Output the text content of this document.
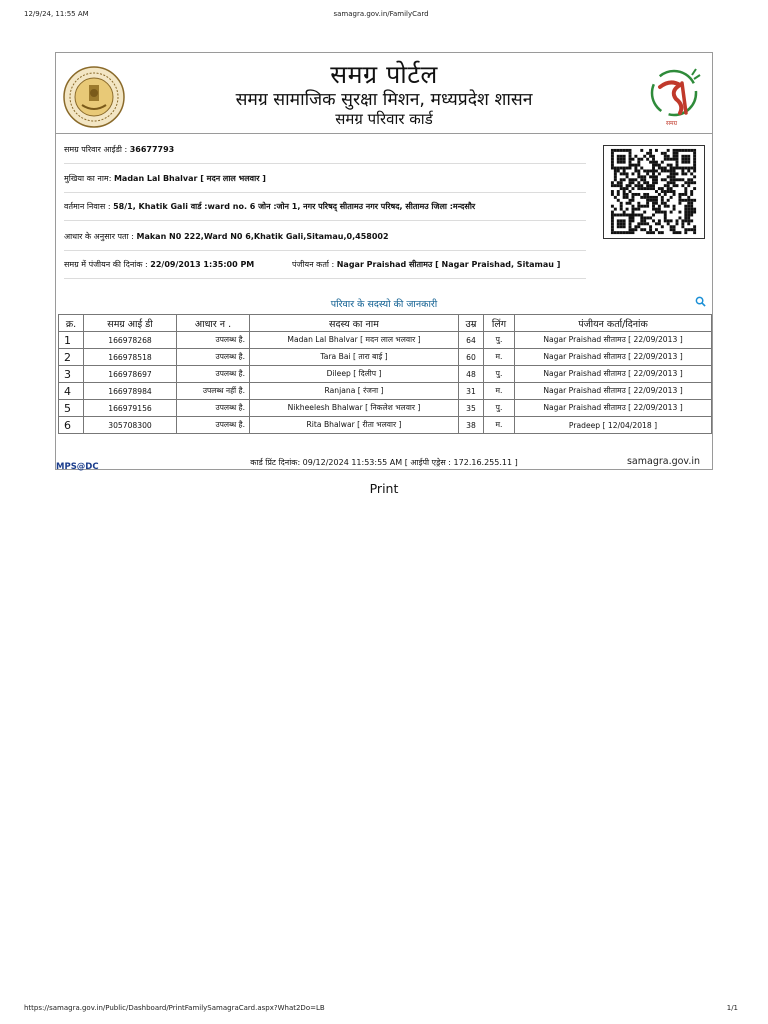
12/9/24, 11:55 AM	samagra.gov.in/FamilyCard
समग्र पोर्टल
समग्र सामाजिक सुरक्षा मिशन, मध्यप्रदेश शासन
समग्र परिवार कार्ड	समग्र
समग्र परिवार आईडी : 36677793
मुखिया का नाम: Madan Lal Bhalvar [ मदन लाल भलवार ]
वर्तमान निवास : 58/1, Khatik Gali वार्ड :ward no. 6 जोन :जोन 1, नगर परिषद् सीतामउ नगर परिषद, सीतामउ जिला :मन्दसौर
आधार के अनुसार पता : Makan N0 222,Ward N0 6,Khatik Gali,Sitamau,0,458002
समग्र में पंजीयन की दिनांक : 22/09/2013 1:35:00 PM	पंजीयन कर्ता : Nagar Praishad सीतामउ [ Nagar Praishad, Sitamau ]
परिवार के सदस्यो की जानकारी
क्र.	समग्र आई डी	आधार न .	सदस्य का नाम	उम्र	लिंग	पंजीयन कर्ता/दिनांक
1	166978268	उपलब्ध है.	Madan Lal Bhalvar [ मदन लाल भलवार ]	64	पु.	Nagar Praishad सीतामउ [ 22/09/2013 ]
2	166978518	उपलब्ध है.	Tara Bai [ तारा बाई ]	60	म.	Nagar Praishad सीतामउ [ 22/09/2013 ]
3	166978697	उपलब्ध है.	Dileep [ दिलीप ]	48	पु.	Nagar Praishad सीतामउ [ 22/09/2013 ]
4	166978984	उपलब्ध नहीं है.	Ranjana [ रंजना ]	31	म.	Nagar Praishad सीतामउ [ 22/09/2013 ]
5	166979156	उपलब्ध है.	Nikheelesh Bhalwar [ निकलेश भलवार ]	35	पु.	Nagar Praishad सीतामउ [ 22/09/2013 ]
6	305708300	उपलब्ध है.	Rita Bhalwar [ रीता भलवार ]	38	म.	Pradeep [ 12/04/2018 ]
MPS@DC	कार्ड प्रिंट दिनांक: 09/12/2024 11:53:55 AM [ आईपी एड्रेस : 172.16.255.11 ]	samagra.gov.in
Print
https://samagra.gov.in/Public/Dashboard/PrintFamilySamagraCard.aspx?What2Do=LB	1/1
